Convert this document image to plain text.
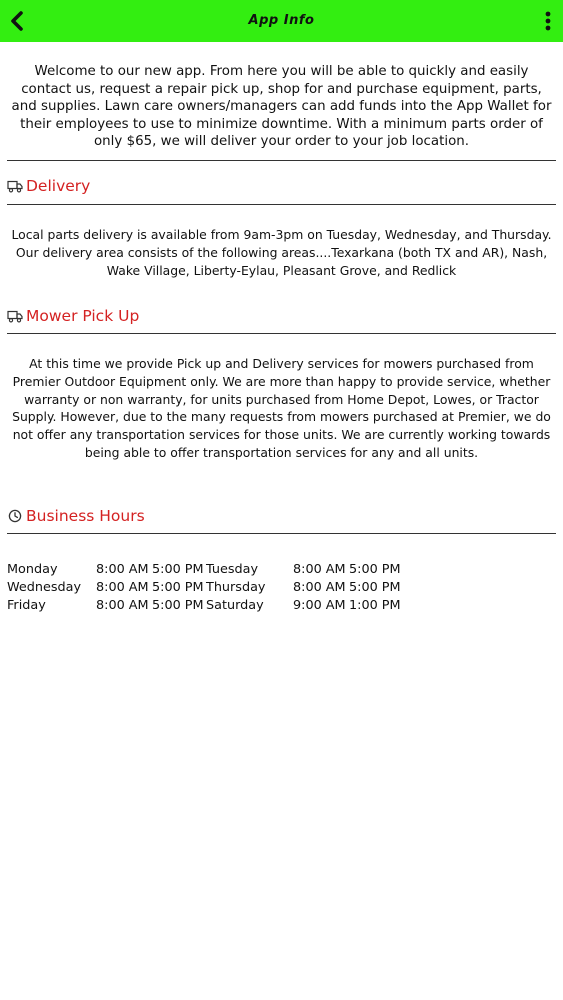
App Info
Welcome to our new app. From here you will be able to quickly and easily contact us, request a repair pick up, shop for and purchase equipment, parts, and supplies. Lawn care owners/managers can add funds into the App Wallet for their employees to use to minimize downtime. With a minimum parts order of only $65, we will deliver your order to your job location.
Delivery
Local parts delivery is available from 9am-3pm on Tuesday, Wednesday, and Thursday. Our delivery area consists of the following areas....Texarkana (both TX and AR), Nash, Wake Village, Liberty-Eylau, Pleasant Grove, and Redlick
Mower Pick Up
At this time we provide Pick up and Delivery services for mowers purchased from Premier Outdoor Equipment only. We are more than happy to provide service, whether warranty or non warranty, for units purchased from Home Depot, Lowes, or Tractor Supply. However, due to the many requests from mowers purchased at Premier, we do not offer any transportation services for those units. We are currently working towards being able to offer transportation services for any and all units.
Business Hours
Monday	8:00 AM 5:00 PM Tuesday	8:00 AM 5:00 PM
Wednesday 8:00 AM 5:00 PM Thursday 8:00 AM 5:00 PM
Friday	8:00 AM 5:00 PM Saturday 9:00 AM 1:00 PM
